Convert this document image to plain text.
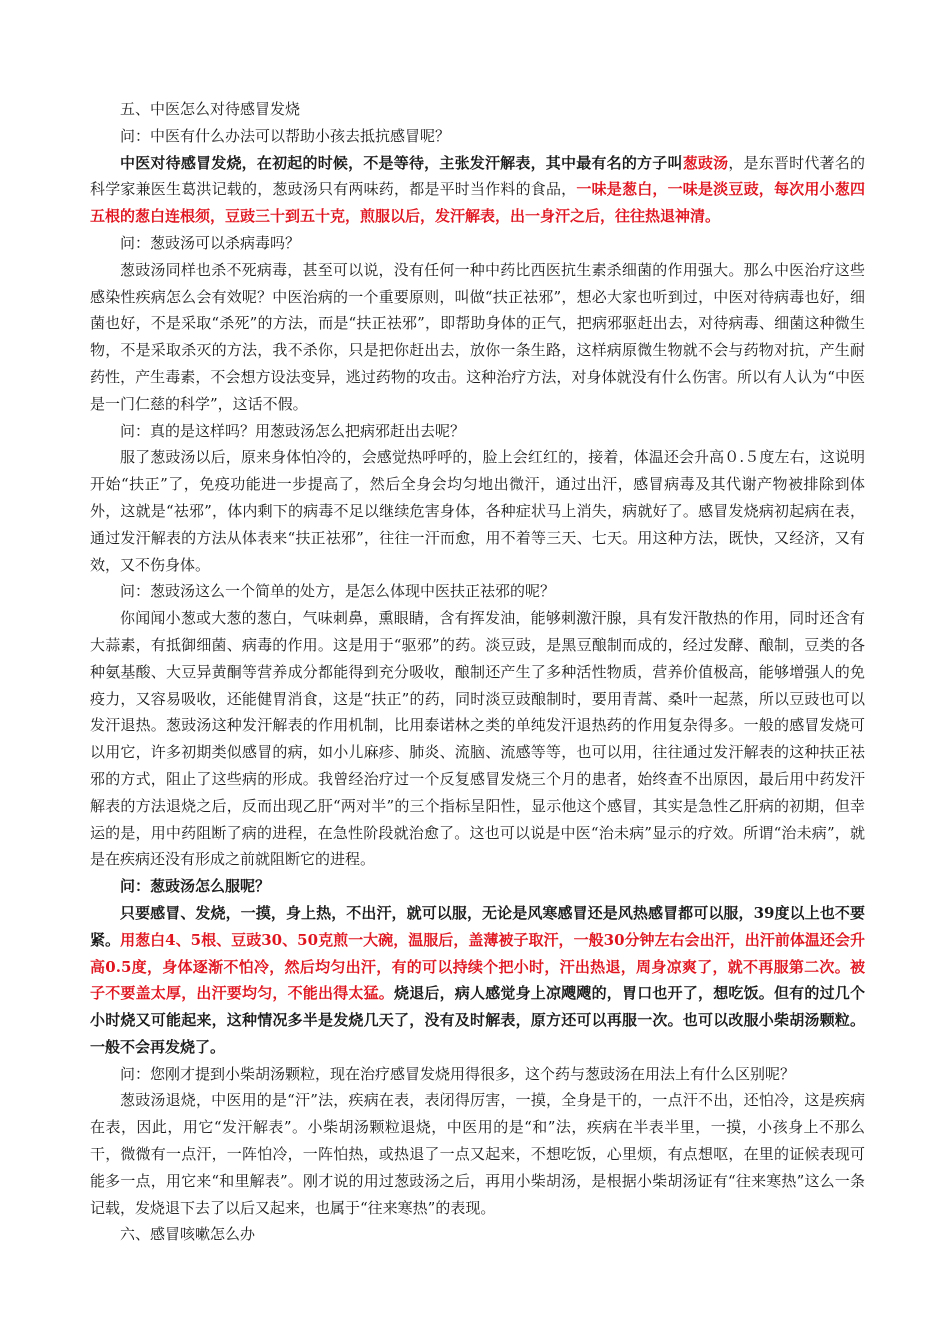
五、中医怎么对待感冒发烧

问：中医有什么办法可以帮助小孩去抵抗感冒呢？

中医对待感冒发烧，在初起的时候，不是等待，主张发汗解表，其中最有名的方子叫葱豉汤，是东晋时代著名的科学家兼医生葛洪记载的，葱豉汤只有两味药，都是平时当作料的食品，一味是葱白，一味是淡豆豉，每次用小葱四五根的葱白连根须，豆豉三十到五十克，煎服以后，发汗解表，出一身汗之后，往往热退神清。

问：葱豉汤可以杀病毒吗？

葱豉汤同样也杀不死病毒，甚至可以说，没有任何一种中药比西医抗生素杀细菌的作用强大。那么中医治疗这些感染性疾病怎么会有效呢？中医治病的一个重要原则，叫做“扶正祛邪”，想必大家也听到过，中医对待病毒也好，细菌也好，不是采取“杀死”的方法，而是“扶正祛邪”，即帮助身体的正气，把病邪驱赶出去，对待病毒、细菌这种微生物，不是采取杀灭的方法，我不杀你，只是把你赶出去，放你一条生路，这样病原微生物就不会与药物对抗，产生耐药性，产生毒素，不会想方设法变异，逃过药物的攻击。这种治疗方法，对身体就没有什么伤害。所以有人认为“中医是一门仁慈的科学”，这话不假。

问：真的是这样吗？用葱豉汤怎么把病邪赶出去呢？

服了葱豉汤以后，原来身体怕冷的，会感觉热呼呼的，脸上会红红的，接着，体温还会升高０.５度左右，这说明开始“扶正”了，免疫功能进一步提高了，然后全身会均匀地出微汗，通过出汗，感冒病毒及其代谢产物被排除到体外，这就是“祛邪”，体内剩下的病毒不足以继续危害身体，各种症状马上消失，病就好了。感冒发烧病初起病在表，通过发汗解表的方法从体表来“扶正祛邪”，往往一汗而愈，用不着等三天、七天。用这种方法，既快，又经济，又有效，又不伤身体。

问：葱豉汤这么一个简单的处方，是怎么体现中医扶正祛邪的呢？

你闻闻小葱或大葱的葱白，气味刺鼻，熏眼睛，含有挥发油，能够刺激汗腺，具有发汗散热的作用，同时还含有大蒜素，有抵御细菌、病毒的作用。这是用于“驱邪”的药。淡豆豉，是黑豆酿制而成的，经过发酵、酿制，豆类的各种氨基酸、大豆异黄酮等营养成分都能得到充分吸收，酿制还产生了多种活性物质，营养价值极高，能够增强人的免疫力，又容易吸收，还能健胃消食，这是“扶正”的药，同时淡豆豉酿制时，要用青蒿、桑叶一起蒸，所以豆豉也可以发汗退热。葱豉汤这种发汗解表的作用机制，比用泰诺林之类的单纯发汗退热药的作用复杂得多。一般的感冒发烧可以用它，许多初期类似感冒的病，如小儿麻疹、肺炎、流脑、流感等等，也可以用，往往通过发汗解表的这种扶正祛邪的方式，阻止了这些病的形成。我曾经治疗过一个反复感冒发烧三个月的患者，始终查不出原因，最后用中药发汗解表的方法退烧之后，反而出现乙肝“两对半”的三个指标呈阳性，显示他这个感冒，其实是急性乙肝病的初期，但幸运的是，用中药阻断了病的进程，在急性阶段就治愈了。这也可以说是中医“治未病”显示的疗效。所谓“治未病”，就是在疾病还没有形成之前就阻断它的进程。

问：葱豉汤怎么服呢？

只要感冒、发烧，一摸，身上热，不出汗，就可以服，无论是风寒感冒还是风热感冒都可以服，39度以上也不要紧。用葱白4、5根、豆豉30、50克煎一大碗，温服后，盖薄被子取汗，一般30分钟左右会出汗，出汗前体温还会升高0.5度，身体逐渐不怕冷，然后均匀出汗，有的可以持续个把小时，汗出热退，周身凉爽了，就不再服第二次。被子不要盖太厚，出汗要均匀，不能出得太猛。烧退后，病人感觉身上凉飕飕的，胃口也开了，想吃饭。但有的过几个小时烧又可能起来，这种情况多半是发烧几天了，没有及时解表，原方还可以再服一次。也可以改服小柴胡汤颗粒。一般不会再发烧了。

问：您刚才提到小柴胡汤颗粒，现在治疗感冒发烧用得很多，这个药与葱豉汤在用法上有什么区别呢？

葱豉汤退烧，中医用的是“汗”法，疾病在表，表闭得厉害，一摸，全身是干的，一点汗不出，还怕冷，这是疾病在表，因此，用它“发汗解表”。小柴胡汤颗粒退烧，中医用的是“和”法，疾病在半表半里，一摸，小孩身上不那么干，微微有一点汗，一阵怕冷，一阵怕热，或热退了一点又起来，不想吃饭，心里烦，有点想呕，在里的证候表现可能多一点，用它来“和里解表”。刚才说的用过葱豉汤之后，再用小柴胡汤，是根据小柴胡汤证有“往来寒热”这么一条记载，发烧退下去了以后又起来，也属于“往来寒热”的表现。

六、感冒咳嗽怎么办
